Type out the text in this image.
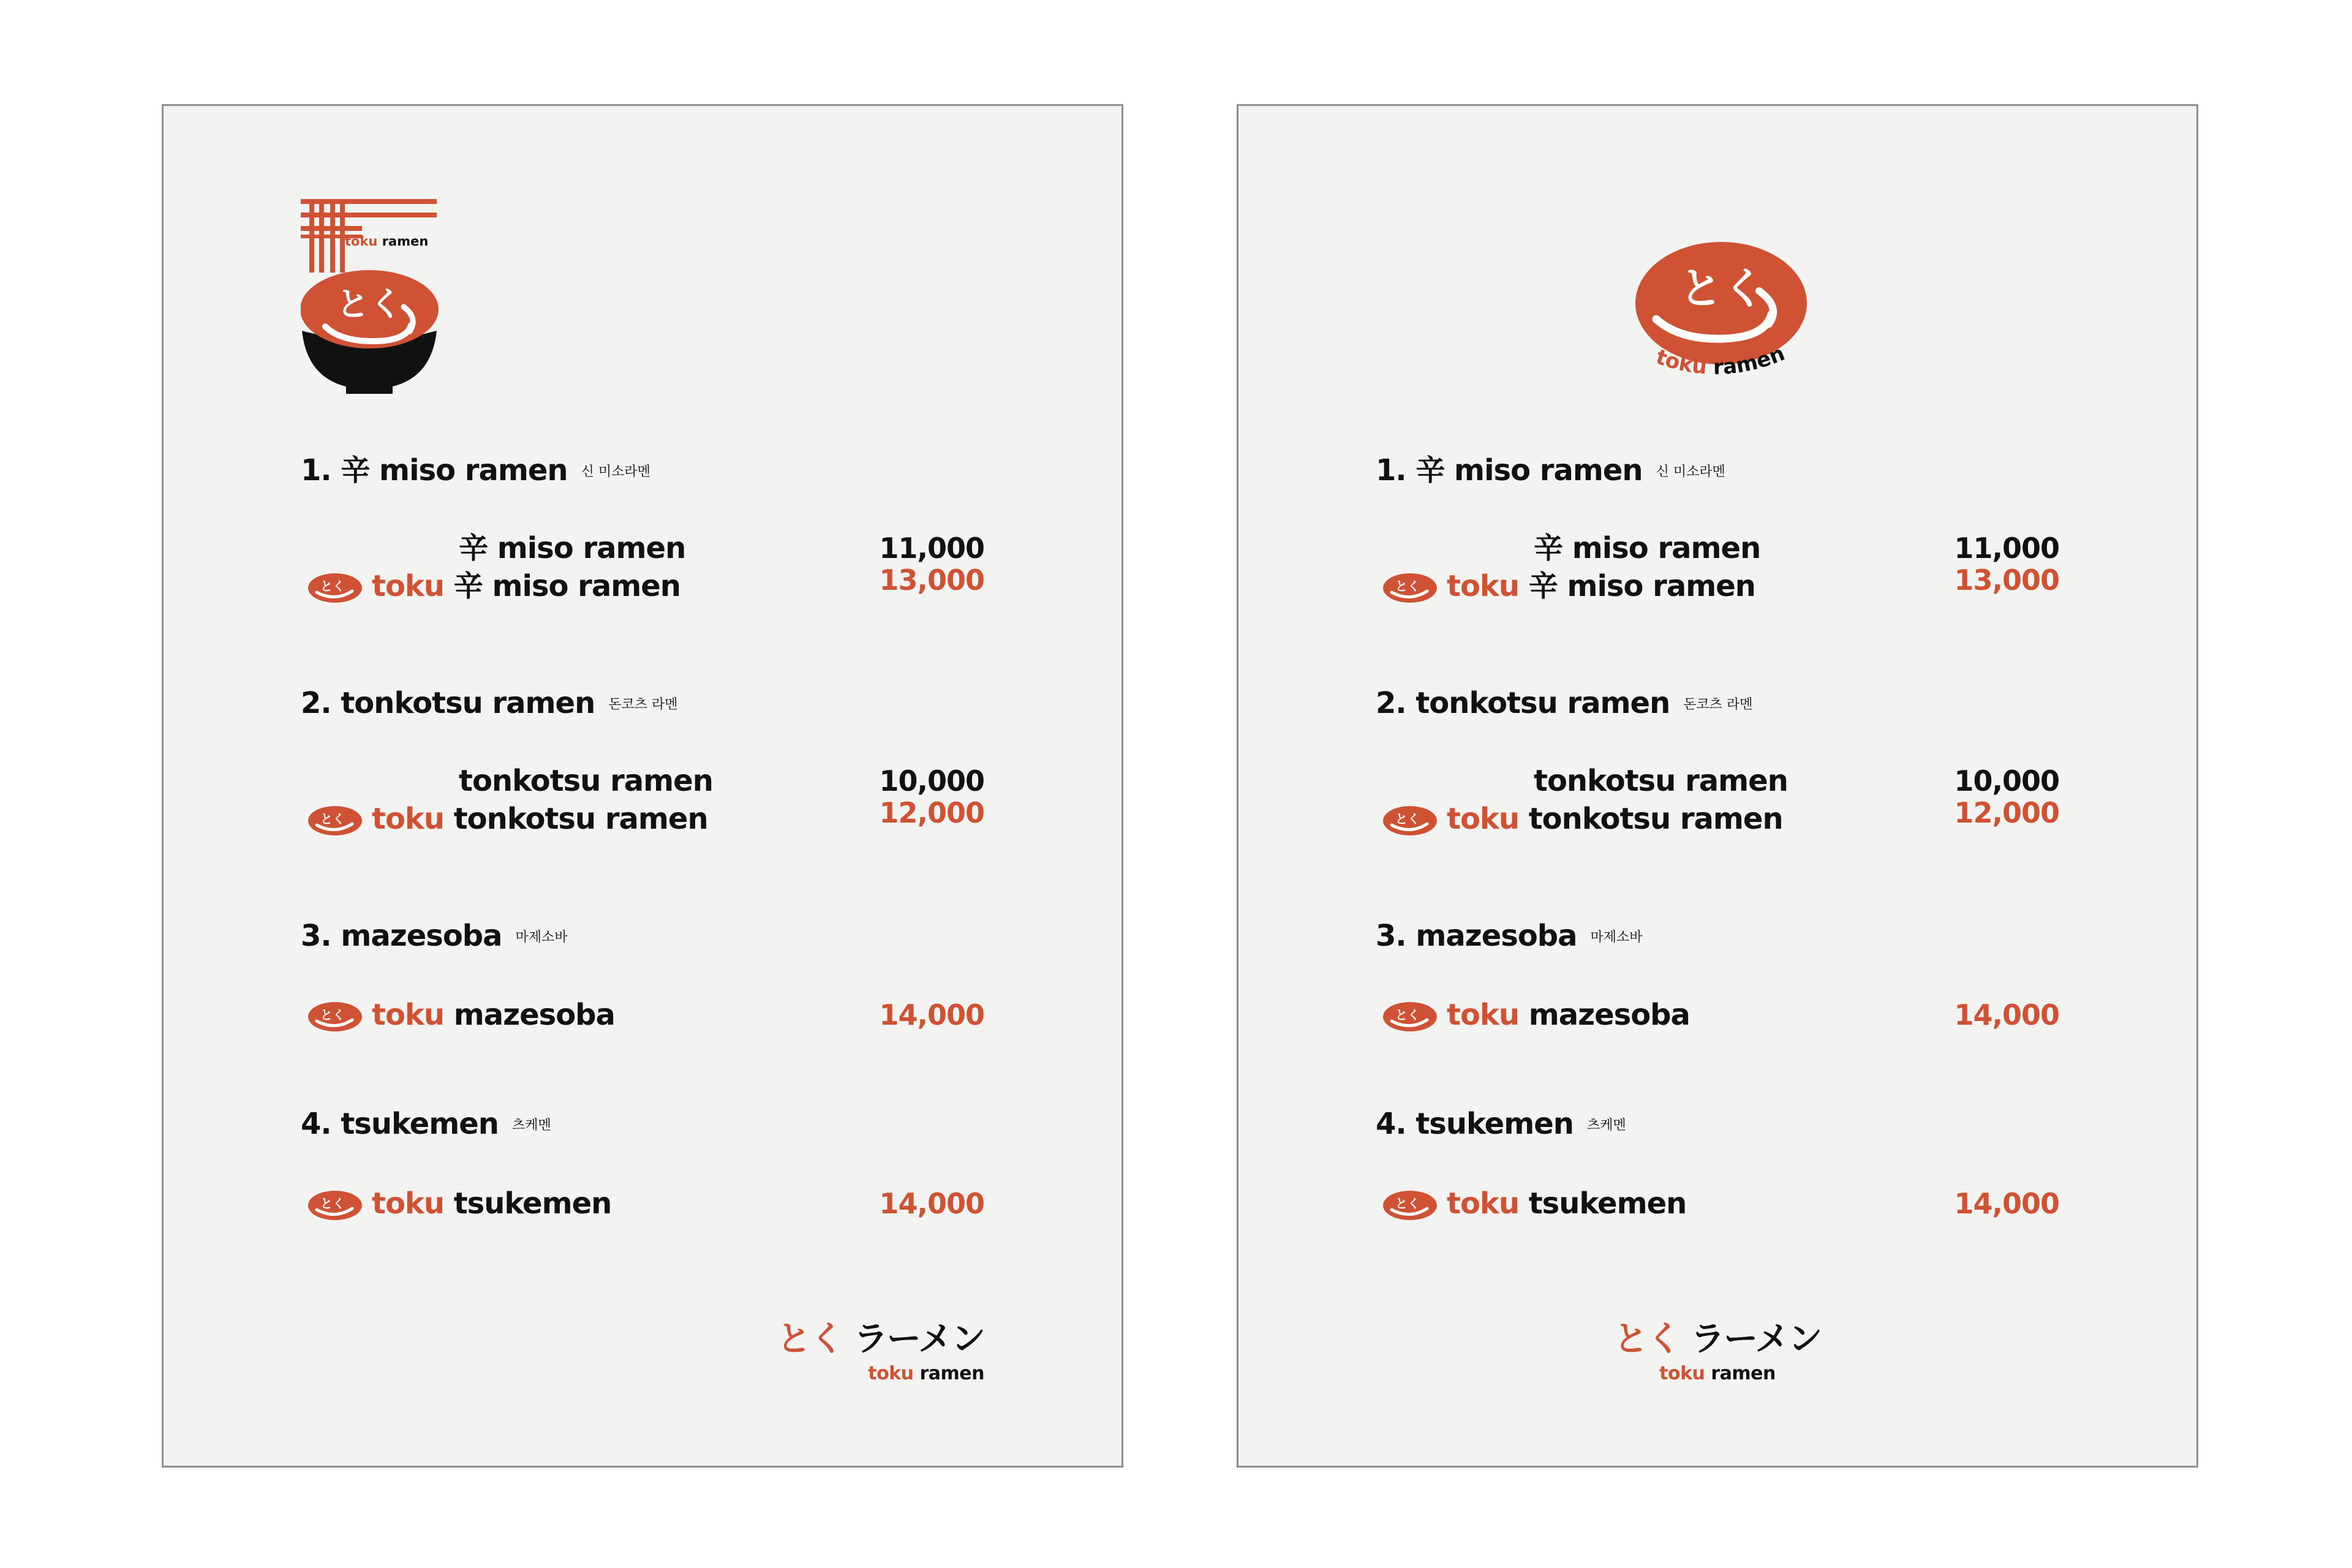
toku ramen
とく
1. 辛 miso ramen 신 미소라멘
辛 miso ramen	11,000
とく toku 辛 miso ramen	13,000
2. tonkotsu ramen 돈코츠 라멘
tonkotsu ramen	10,000
とく toku tonkotsu ramen	12,000
3. mazesoba 마제소바
とく toku mazesoba	14,000
4. tsukemen 츠케멘
とく toku tsukemen	14,000
とく ラーメン
toku ramen
とく
toku ramen
1. 辛 miso ramen 신 미소라멘
辛 miso ramen	11,000
とく toku 辛 miso ramen	13,000
2. tonkotsu ramen 돈코츠 라멘
tonkotsu ramen	10,000
とく toku tonkotsu ramen	12,000
3. mazesoba 마제소바
とく toku mazesoba	14,000
4. tsukemen 츠케멘
とく toku tsukemen	14,000
とく ラーメン
toku ramen
